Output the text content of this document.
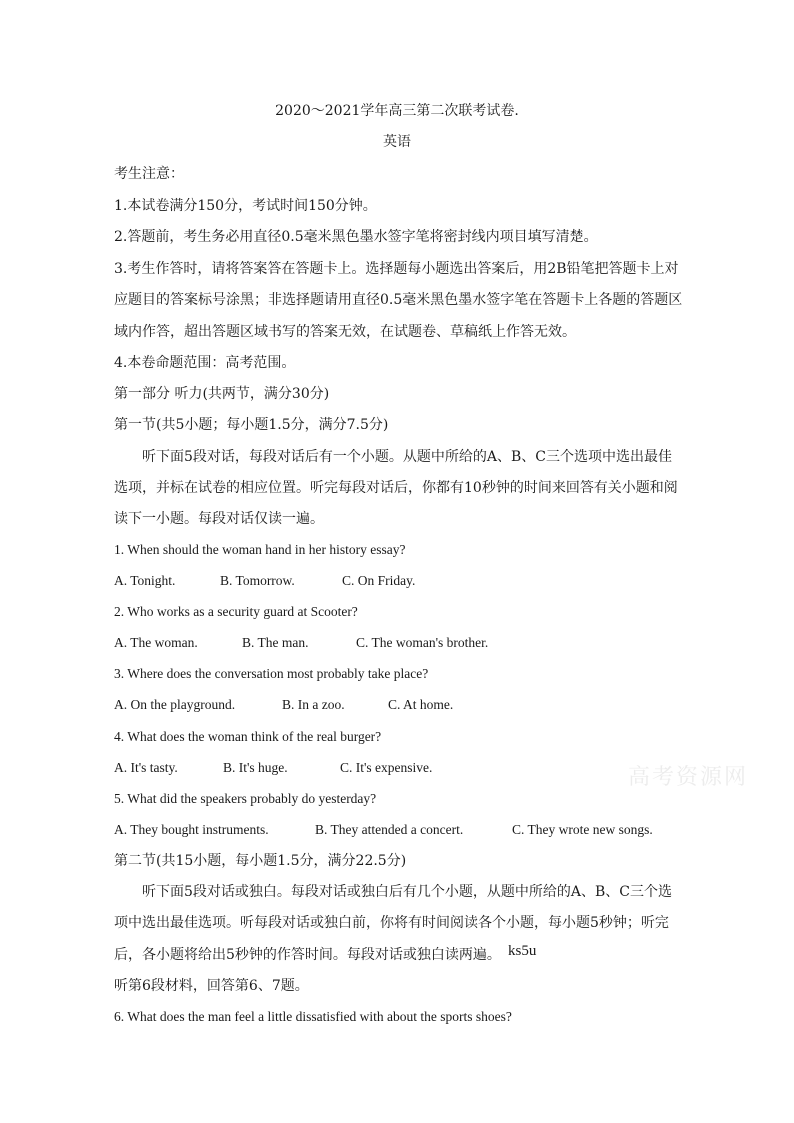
2020～2021学年高三第二次联考试卷.
英语
考生注意：
1.本试卷满分150分，考试时间150分钟。
2.答题前，考生务必用直径0.5毫米黑色墨水签字笔将密封线内项目填写清楚。
3.考生作答时，请将答案答在答题卡上。选择题每小题选出答案后，用2B铅笔把答题卡上对
应题目的答案标号涂黑；非选择题请用直径0.5毫米黑色墨水签字笔在答题卡上各题的答题区
域内作答，超出答题区域书写的答案无效，在试题卷、草稿纸上作答无效。
4.本卷命题范围：高考范围。
第一部分 听力(共两节，满分30分)
第一节(共5小题；每小题1.5分，满分7.5分)
听下面5段对话，每段对话后有一个小题。从题中所给的A、B、C三个选项中选出最佳
选项，并标在试卷的相应位置。听完每段对话后，你都有10秒钟的时间来回答有关小题和阅
读下一小题。每段对话仅读一遍。
1. When should the woman hand in her history essay?
A. Tonight.	B. Tomorrow.	C. On Friday.
2. Who works as a security guard at Scooter?
A. The woman.	B. The man.	C. The woman's brother.
3. Where does the conversation most probably take place?
A. On the playground.	B. In a zoo.	C. At home.
4. What does the woman think of the real burger?
A. It's tasty.	B. It's huge.	C. It's expensive.
5. What did the speakers probably do yesterday?
A. They bought instruments.	B. They attended a concert.	C. They wrote new songs.
第二节(共15小题，每小题1.5分，满分22.5分)
听下面5段对话或独白。每段对话或独白后有几个小题，从题中所给的A、B、C三个选
项中选出最佳选项。听每段对话或独白前，你将有时间阅读各个小题，每小题5秒钟；听完
后，各小题将给出5秒钟的作答时间。每段对话或独白读两遍。 ks5u
听第6段材料，回答第6、7题。
6. What does the man feel a little dissatisfied with about the sports shoes?
高考资源网
